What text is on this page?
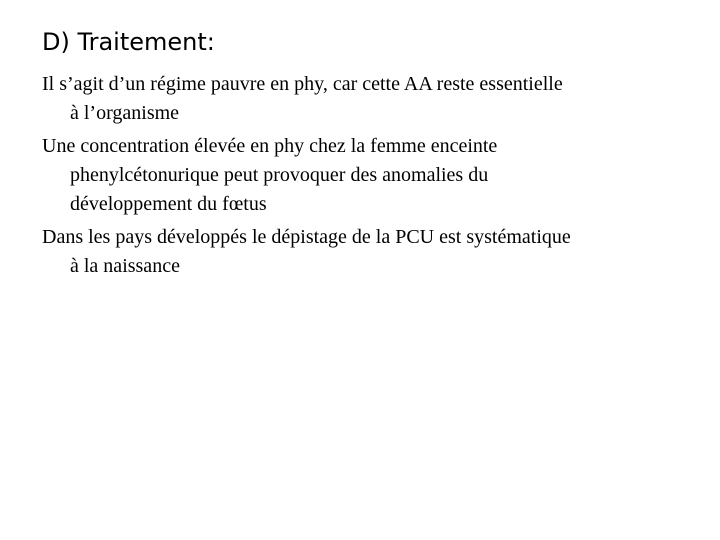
D) Traitement:

Il s’agit d’un régime pauvre en phy, car cette AA reste essentielle
à l’organisme

Une concentration élevée en phy chez la femme enceinte
phenylcétonurique peut provoquer des anomalies du
développement du fœtus

Dans les pays développés le dépistage de la PCU est systématique
à la naissance
